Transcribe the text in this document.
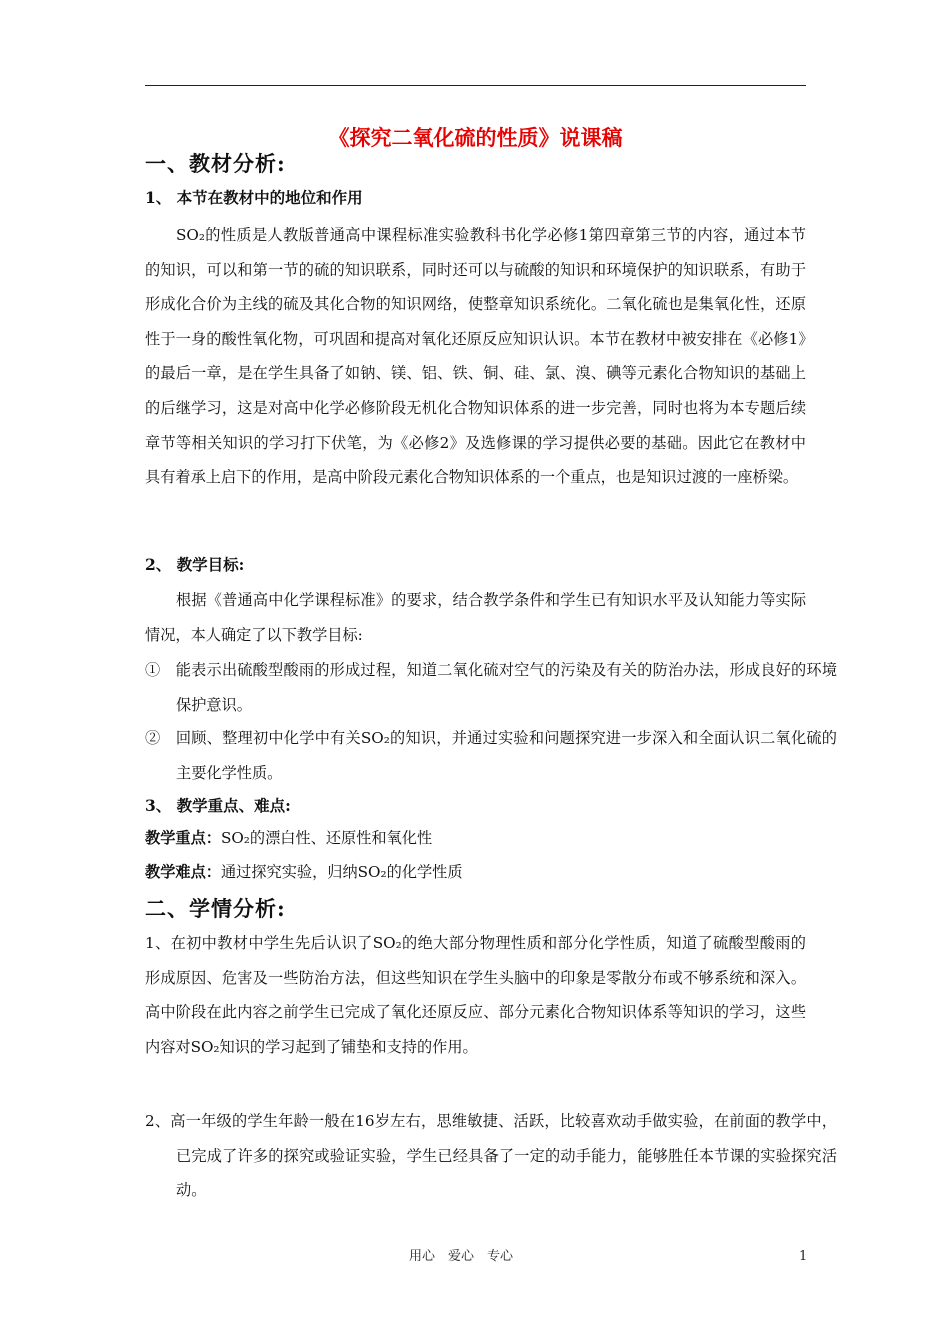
《探究二氧化硫的性质》说课稿
一、教材分析:
1、 本节在教材中的地位和作用
SO₂的性质是人教版普通高中课程标准实验教科书化学必修1第四章第三节的内容，通过本节的知识，可以和第一节的硫的知识联系，同时还可以与硫酸的知识和环境保护的知识联系，有助于形成化合价为主线的硫及其化合物的知识网络，使整章知识系统化。二氧化硫也是集氧化性，还原性于一身的酸性氧化物，可巩固和提高对氧化还原反应知识认识。本节在教材中被安排在《必修1》的最后一章，是在学生具备了如钠、镁、铝、铁、铜、硅、氯、溴、碘等元素化合物知识的基础上的后继学习，这是对高中化学必修阶段无机化合物知识体系的进一步完善，同时也将为本专题后续章节等相关知识的学习打下伏笔，为《必修2》及选修课的学习提供必要的基础。因此它在教材中具有着承上启下的作用，是高中阶段元素化合物知识体系的一个重点，也是知识过渡的一座桥梁。
2、 教学目标:
根据《普通高中化学课程标准》的要求，结合教学条件和学生已有知识水平及认知能力等实际情况，本人确定了以下教学目标:
①　能表示出硫酸型酸雨的形成过程，知道二氧化硫对空气的污染及有关的防治办法，形成良好的环境保护意识。
②　回顾、整理初中化学中有关SO₂的知识，并通过实验和问题探究进一步深入和全面认识二氧化硫的主要化学性质。
3、 教学重点、难点:
教学重点：SO₂的漂白性、还原性和氧化性
教学难点：通过探究实验，归纳SO₂的化学性质
二、学情分析:
1、在初中教材中学生先后认识了SO₂的绝大部分物理性质和部分化学性质，知道了硫酸型酸雨的形成原因、危害及一些防治方法，但这些知识在学生头脑中的印象是零散分布或不够系统和深入。高中阶段在此内容之前学生已完成了氧化还原反应、部分元素化合物知识体系等知识的学习，这些内容对SO₂知识的学习起到了铺垫和支持的作用。
2、高一年级的学生年龄一般在16岁左右，思维敏捷、活跃，比较喜欢动手做实验，在前面的教学中，已完成了许多的探究或验证实验，学生已经具备了一定的动手能力，能够胜任本节课的实验探究活动。
用心　爱心　专心	1
